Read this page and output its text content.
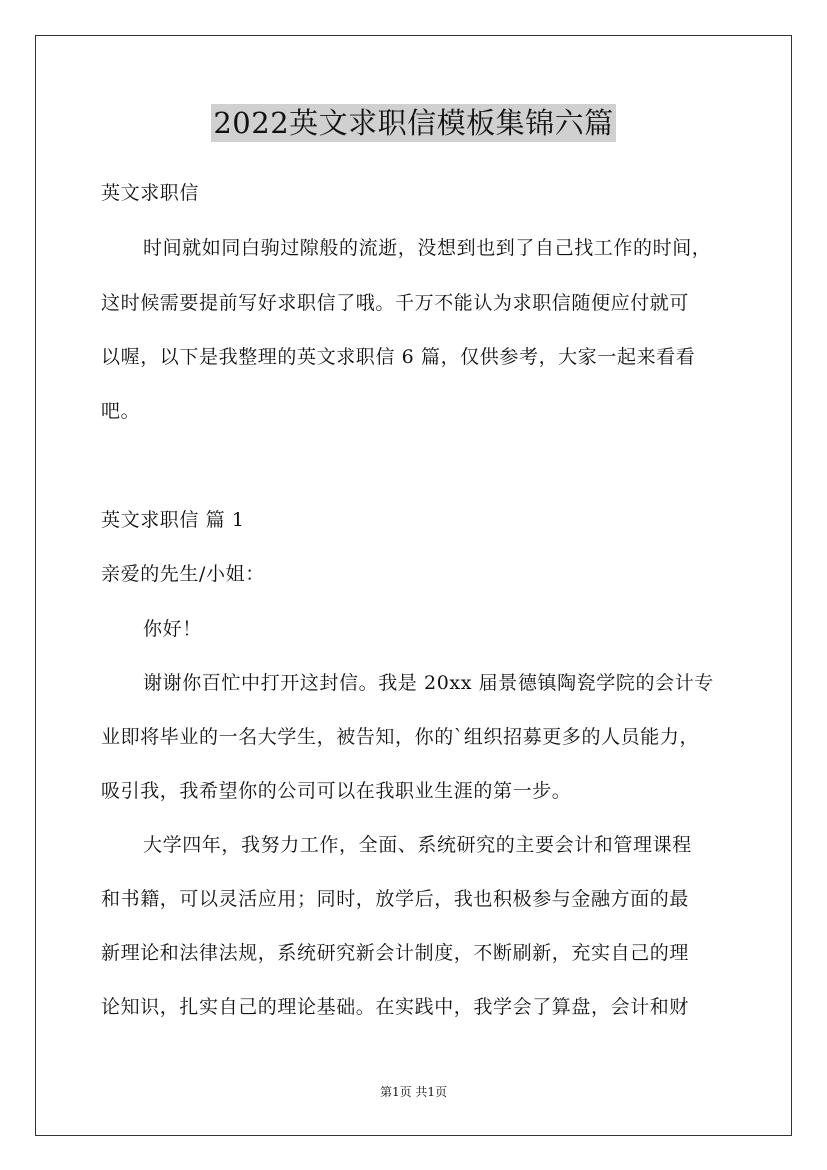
2022英文求职信模板集锦六篇
英文求职信
时间就如同白驹过隙般的流逝，没想到也到了自己找工作的时间，
这时候需要提前写好求职信了哦。千万不能认为求职信随便应付就可
以喔，以下是我整理的英文求职信 6 篇，仅供参考，大家一起来看看
吧。
英文求职信 篇 1
亲爱的先生/小姐：
你好！
谢谢你百忙中打开这封信。我是 20xx 届景德镇陶瓷学院的会计专
业即将毕业的一名大学生，被告知，你的`组织招募更多的人员能力，
吸引我，我希望你的公司可以在我职业生涯的第一步。
大学四年，我努力工作，全面、系统研究的主要会计和管理课程
和书籍，可以灵活应用；同时，放学后，我也积极参与金融方面的最
新理论和法律法规，系统研究新会计制度，不断刷新，充实自己的理
论知识，扎实自己的理论基础。在实践中，我学会了算盘，会计和财
第1页 共1页
